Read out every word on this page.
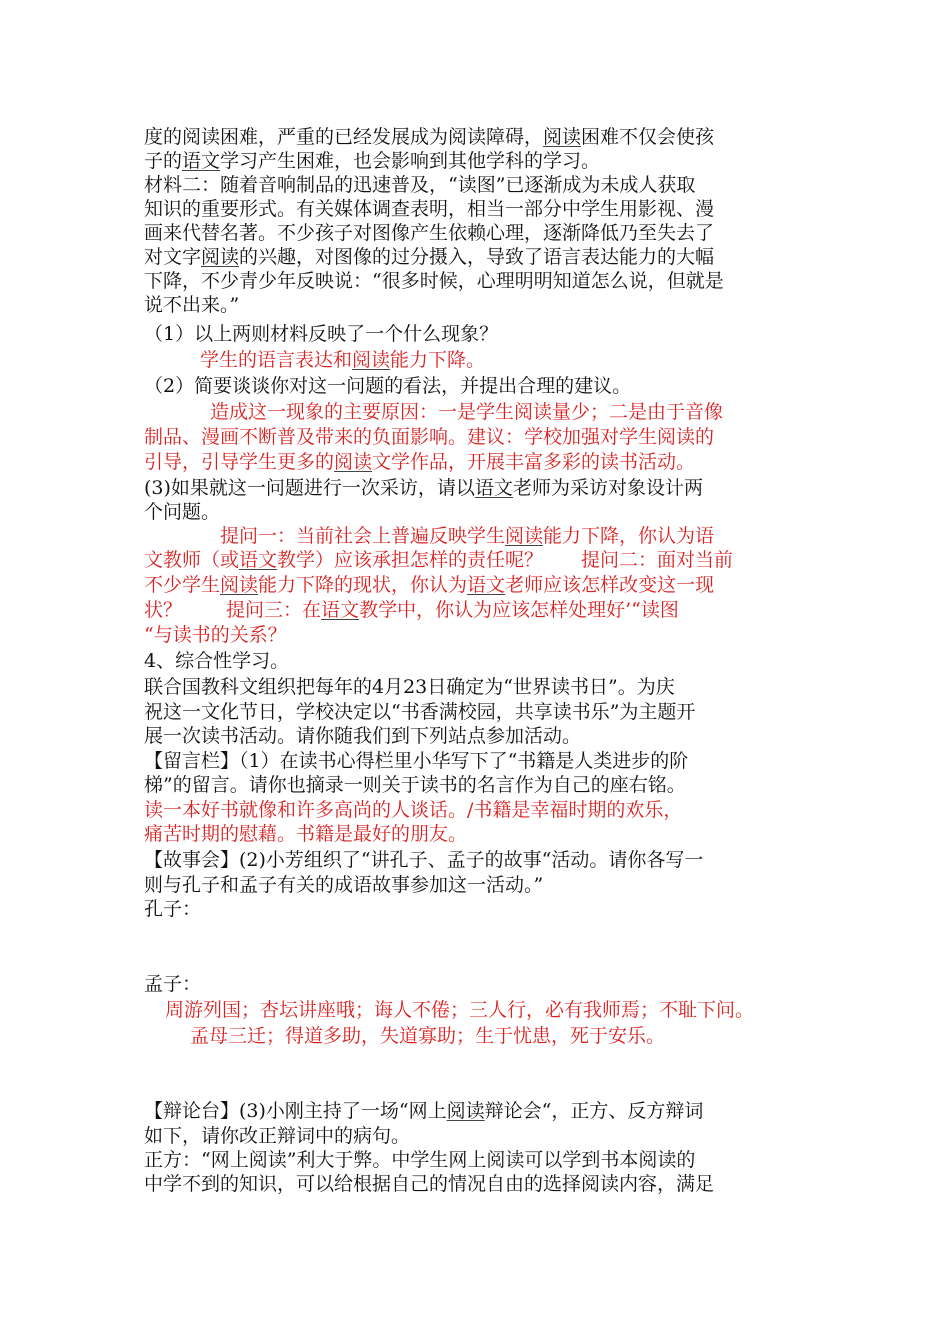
度的阅读困难，严重的已经发展成为阅读障碍，阅读困难不仅会使孩
子的语文学习产生困难，也会影响到其他学科的学习。
材料二：随着音响制品的迅速普及，“读图”已逐渐成为未成人获取
知识的重要形式。有关媒体调查表明，相当一部分中学生用影视、漫
画来代替名著。不少孩子对图像产生依赖心理，逐渐降低乃至失去了
对文字阅读的兴趣，对图像的过分摄入，导致了语言表达能力的大幅
下降，不少青少年反映说：“很多时候，心理明明知道怎么说，但就是
说不出来。”
（1）以上两则材料反映了一个什么现象？
学生的语言表达和阅读能力下降。
（2）简要谈谈你对这一问题的看法，并提出合理的建议。
造成这一现象的主要原因：一是学生阅读量少；二是由于音像
制品、漫画不断普及带来的负面影响。建议：学校加强对学生阅读的
引导，引导学生更多的阅读文学作品，开展丰富多彩的读书活动。
(3)如果就这一问题进行一次采访，请以语文老师为采访对象设计两
个问题。
提问一：当前社会上普遍反映学生阅读能力下降，你认为语
文教师（或语文教学）应该承担怎样的责任呢？　　提问二：面对当前
不少学生阅读能力下降的现状，你认为语文老师应该怎样改变这一现
状？　　 提问三：在语文教学中，你认为应该怎样处理好’“读图
“与读书的关系？
4、综合性学习。
联合国教科文组织把每年的4月23日确定为“世界读书日”。为庆
祝这一文化节日，学校决定以“书香满校园，共享读书乐”为主题开
展一次读书活动。请你随我们到下列站点参加活动。
【留言栏】（1）在读书心得栏里小华写下了“书籍是人类进步的阶
梯”的留言。请你也摘录一则关于读书的名言作为自己的座右铭。
读一本好书就像和许多高尚的人谈话。/书籍是幸福时期的欢乐，
痛苦时期的慰藉。书籍是最好的朋友。
【故事会】(2)小芳组织了“讲孔子、孟子的故事“活动。请你各写一
则与孔子和孟子有关的成语故事参加这一活动。”
孔子：
孟子：
周游列国；杏坛讲座哦；诲人不倦；三人行，必有我师焉；不耻下问。
孟母三迁；得道多助，失道寡助；生于忧患，死于安乐。
【辩论台】(3)小刚主持了一场“网上阅读辩论会“，正方、反方辩词
如下，请你改正辩词中的病句。
正方：“网上阅读”利大于弊。中学生网上阅读可以学到书本阅读的
中学不到的知识，可以给根据自己的情况自由的选择阅读内容，满足
